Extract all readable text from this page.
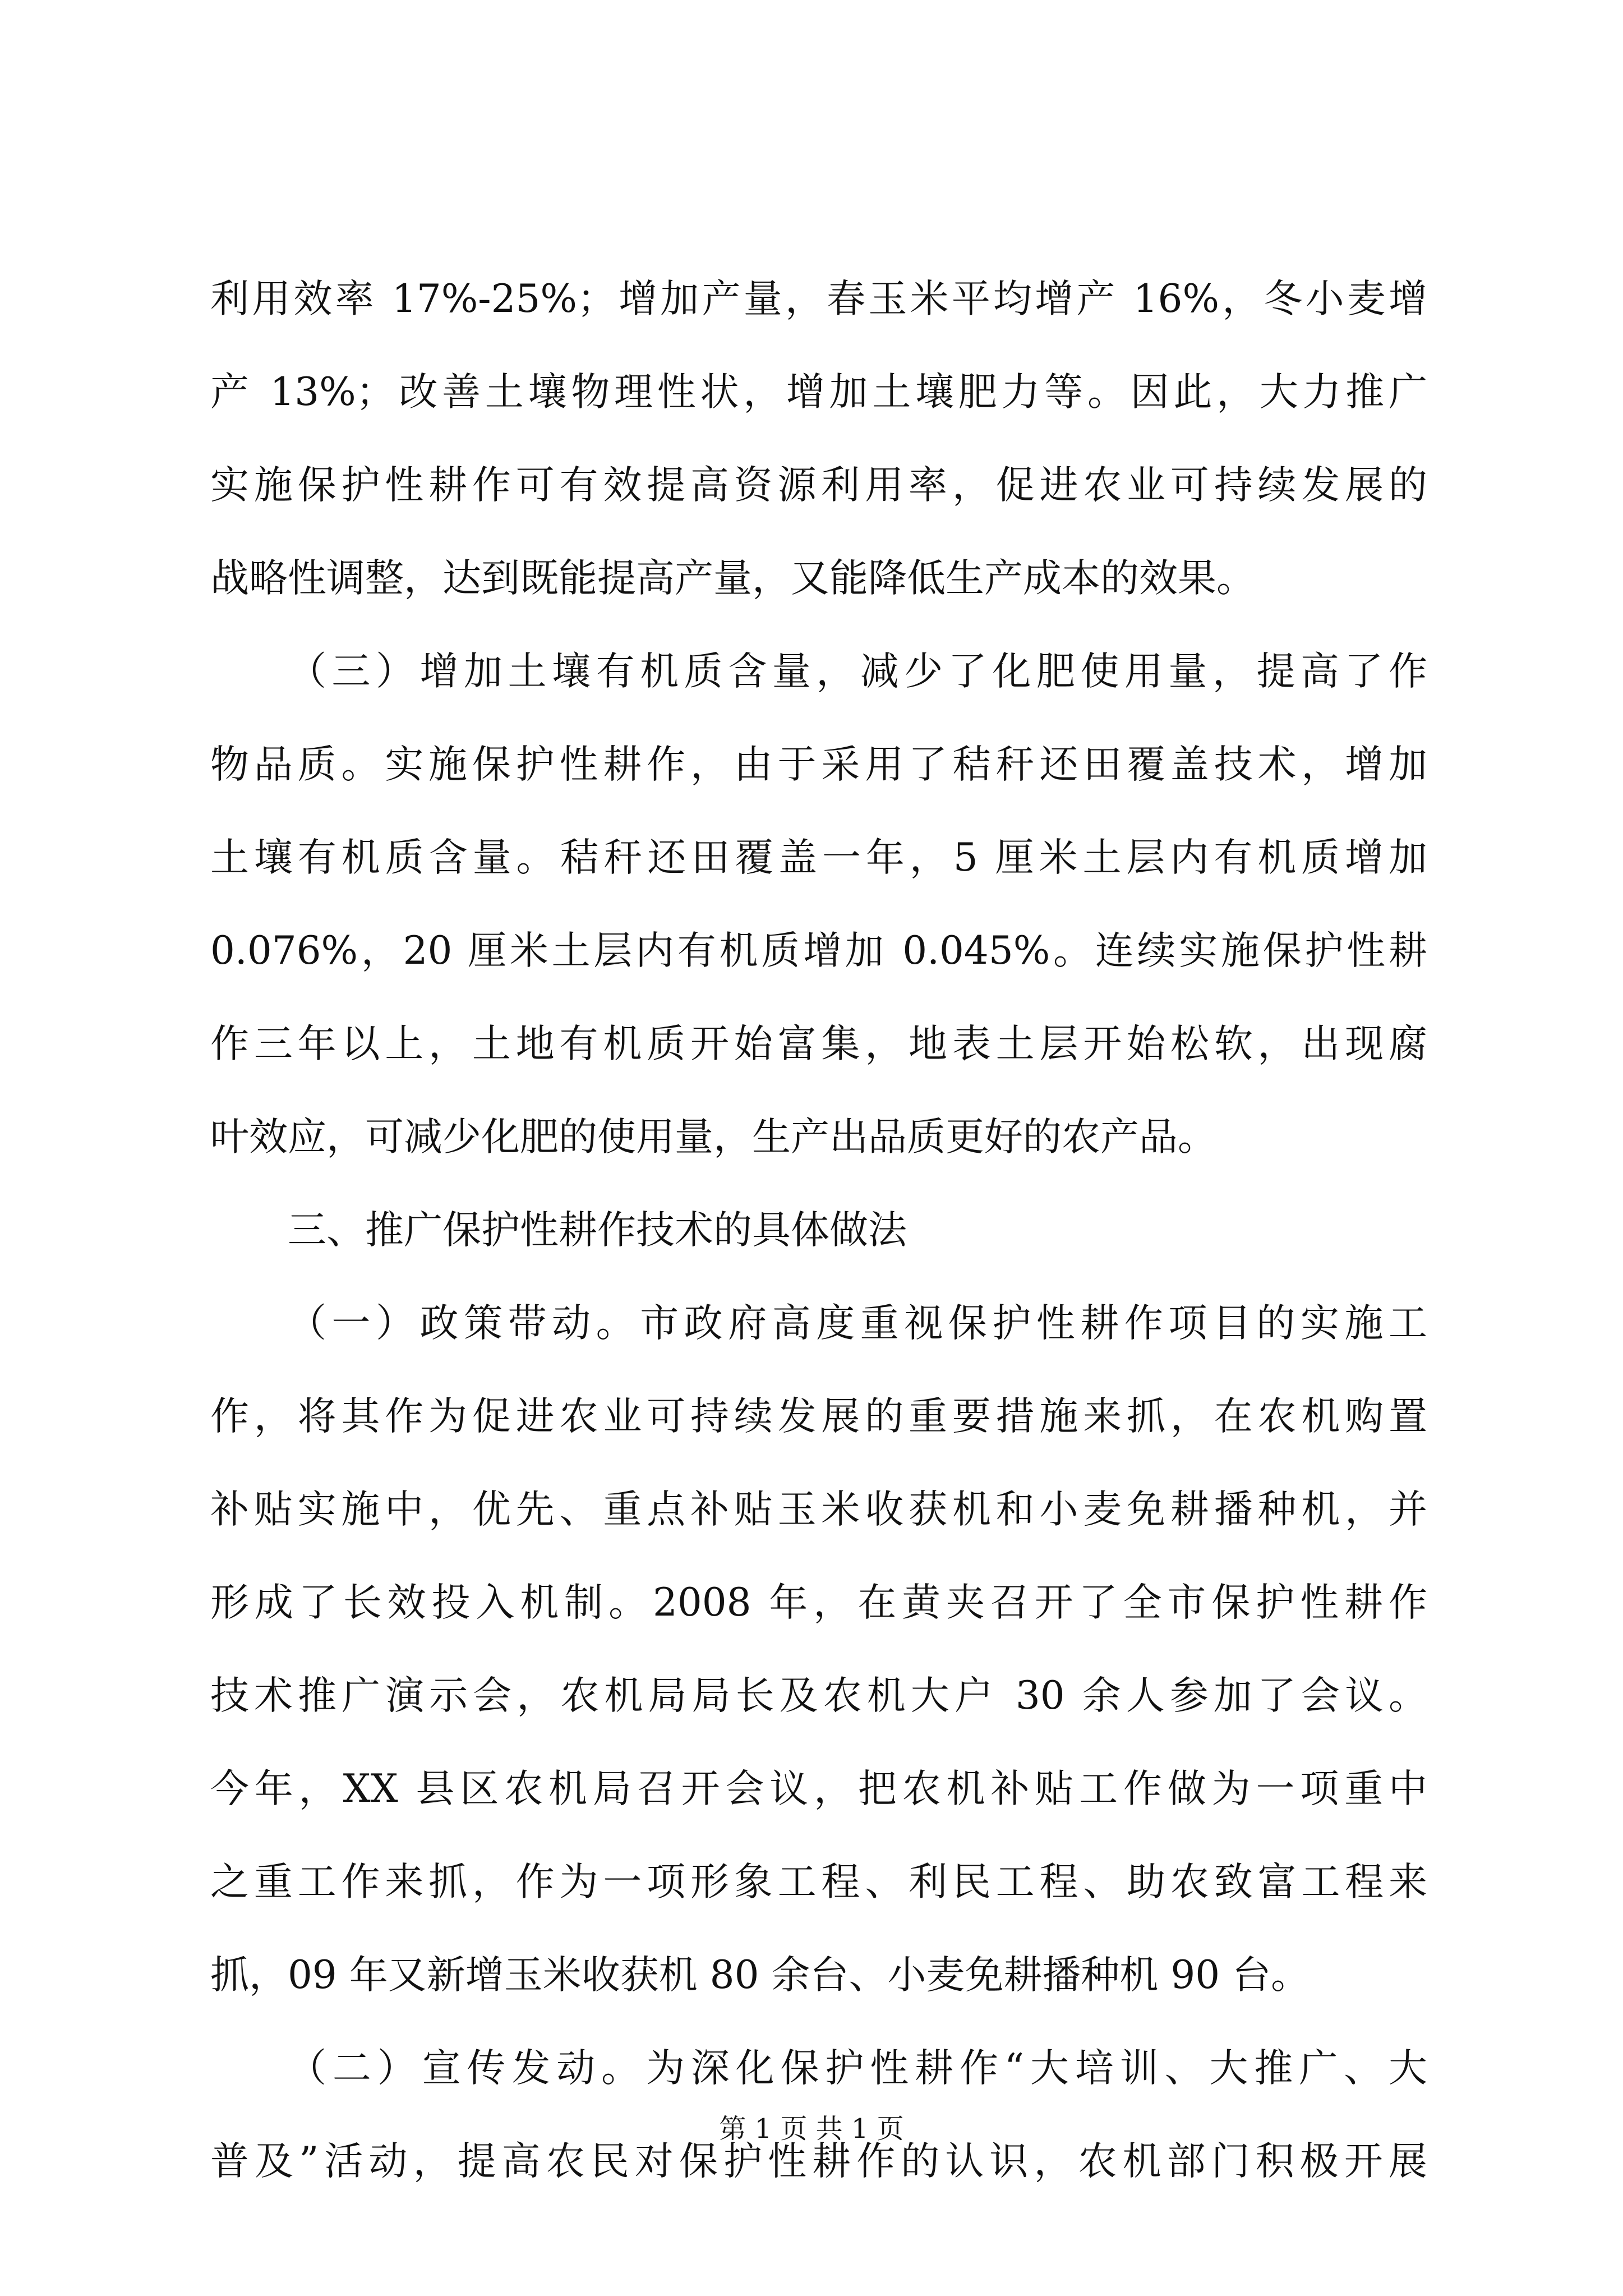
利用效率 17%-25%；增加产量，春玉米平均增产 16%，冬小麦增
产 13%；改善土壤物理性状，增加土壤肥力等。因此，大力推广
实施保护性耕作可有效提高资源利用率，促进农业可持续发展的
战略性调整，达到既能提高产量，又能降低生产成本的效果。
（三）增加土壤有机质含量，减少了化肥使用量，提高了作
物品质。实施保护性耕作，由于采用了秸秆还田覆盖技术，增加
土壤有机质含量。秸秆还田覆盖一年，5 厘米土层内有机质增加
0.076%，20 厘米土层内有机质增加 0.045%。连续实施保护性耕
作三年以上，土地有机质开始富集，地表土层开始松软，出现腐
叶效应，可减少化肥的使用量，生产出品质更好的农产品。
三、推广保护性耕作技术的具体做法
（一）政策带动。市政府高度重视保护性耕作项目的实施工
作，将其作为促进农业可持续发展的重要措施来抓，在农机购置
补贴实施中，优先、重点补贴玉米收获机和小麦免耕播种机，并
形成了长效投入机制。2008 年，在黄夹召开了全市保护性耕作
技术推广演示会，农机局局长及农机大户 30 余人参加了会议。
今年，XX 县区农机局召开会议，把农机补贴工作做为一项重中
之重工作来抓，作为一项形象工程、利民工程、助农致富工程来
抓，09 年又新增玉米收获机 80 余台、小麦免耕播种机 90 台。
（二）宣传发动。为深化保护性耕作“大培训、大推广、大
普及”活动，提高农民对保护性耕作的认识，农机部门积极开展
第 1 页 共 1 页
